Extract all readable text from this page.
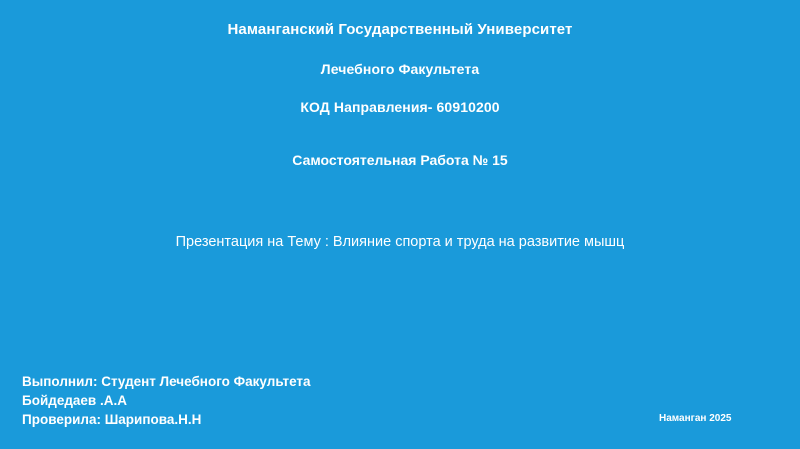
Наманганский Государственный Университет
Лечебного Факультета
КОД Направления- 60910200
Самостоятельная Работа № 15
Презентация на Тему : Влияние спорта и труда на развитие мышц
Выполнил: Студент Лечебного Факультета
Бойдедаев .А.А
Проверила: Шарипова.Н.Н	Наманган 2025
